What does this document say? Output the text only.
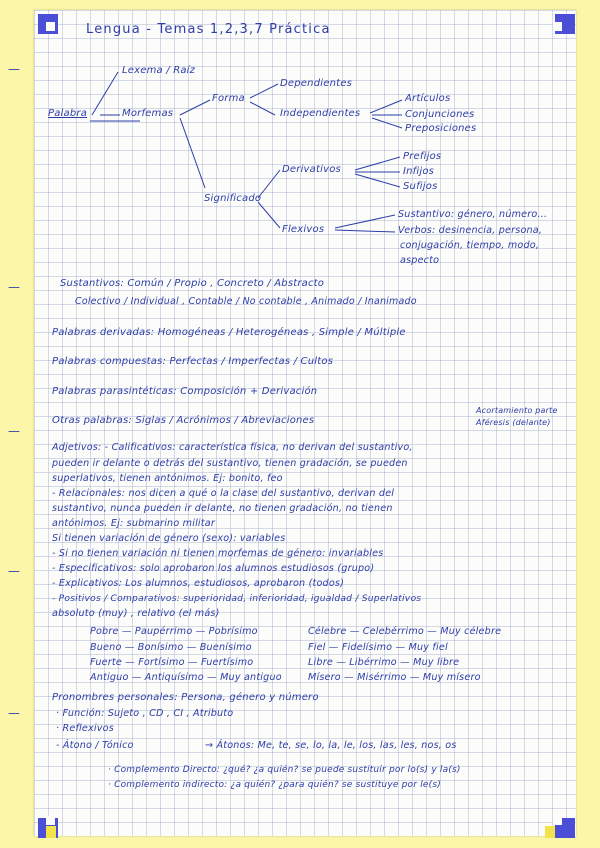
—
—
—
—
—
Lengua - Temas 1,2,3,7 Práctica
Lexema / Raíz
Palabra	Morfemas
Forma
Dependientes
Independientes
Artículos
Conjunciones
Preposiciones
Significado
Derivativos
Prefijos
Infijos
Sufijos
Flexivos
Sustantivo: género, número...
Verbos: desinencia, persona,
conjugación, tiempo, modo,
aspecto
Sustantivos: Común / Propio , Concreto / Abstracto
Colectivo / Individual , Contable / No contable , Animado / Inanimado
Palabras derivadas: Homogéneas / Heterogéneas , Simple / Múltiple
Palabras compuestas: Perfectas / Imperfectas / Cultos
Palabras parasintéticas: Composición + Derivación
Otras palabras: Siglas / Acrónimos / Abreviaciones
Acortamiento parte
Aféresis (delante)
Adjetivos: - Calificativos: característica física, no derivan del sustantivo,
pueden ir delante o detrás del sustantivo, tienen gradación, se pueden
superlativos, tienen antónimos. Ej: bonito, feo
- Relacionales: nos dicen a qué o la clase del sustantivo, derivan del
sustantivo, nunca pueden ir delante, no tienen gradación, no tienen
antónimos. Ej: submarino militar
Si tienen variación de género (sexo): variables
- Si no tienen variación ni tienen morfemas de género: invariables
- Especificativos: solo aprobaron los alumnos estudiosos (grupo)
- Explicativos: Los alumnos, estudiosos, aprobaron (todos)
- Positivos / Comparativos: superioridad, inferioridad, igualdad / Superlativos
absoluto (muy) , relativo (el más)
Pobre — Paupérrimo — Pobrísimo	Célebre — Celebérrimo — Muy célebre
Bueno — Bonísimo — Buenísimo	Fiel — Fidelísimo — Muy fiel
Fuerte — Fortísimo — Fuertísimo	Libre — Libérrimo — Muy libre
Antiguo — Antiquísimo — Muy antiguo	Mísero — Misérrimo — Muy mísero
Pronombres personales: Persona, género y número
· Función: Sujeto , CD , CI , Atributo
· Reflexivos
- Átono / Tónico	→ Átonos: Me, te, se, lo, la, le, los, las, les, nos, os
· Complemento Directo: ¿qué? ¿a quién? se puede sustituir por lo(s) y la(s)
· Complemento indirecto: ¿a quién? ¿para quién? se sustituye por le(s)
